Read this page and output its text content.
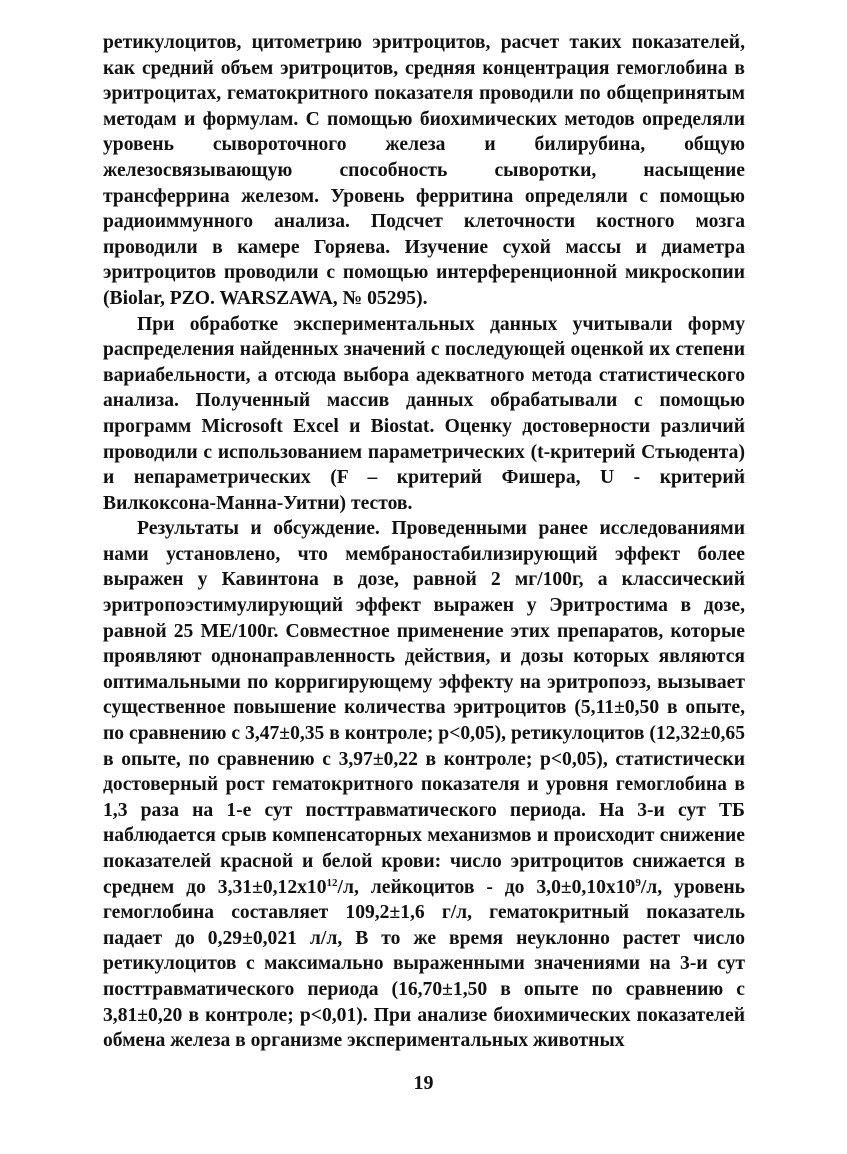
ретикулоцитов, цитометрию эритроцитов, расчет таких показателей, как средний объем эритроцитов, средняя концентрация гемоглобина в эритроцитах, гематокритного показателя проводили по общепринятым методам и формулам. С помощью биохимических методов определяли уровень сывороточного железа и билирубина, общую железосвязывающую способность сыворотки, насыщение трансферрина железом. Уровень ферритина определяли с помощью радиоиммунного анализа. Подсчет клеточности костного мозга проводили в камере Горяева. Изучение сухой массы и диаметра эритроцитов проводили с помощью интерференционной микроскопии (Biolar, PZO. WARSZAWA, № 05295).

При обработке экспериментальных данных учитывали форму распределения найденных значений с последующей оценкой их степени вариабельности, а отсюда выбора адекватного метода статистического анализа. Полученный массив данных обрабатывали с помощью программ Microsoft Excel и Biostat. Оценку достоверности различий проводили с использованием параметрических (t-критерий Стьюдента) и непараметрических (F – критерий Фишера, U - критерий Вилкоксона-Манна-Уитни) тестов.

Результаты и обсуждение. Проведенными ранее исследованиями нами установлено, что мембраностабилизирующий эффект более выражен у Кавинтона в дозе, равной 2 мг/100г, а классический эритропоэстимулирующий эффект выражен у Эритростима в дозе, равной 25 МЕ/100г. Совместное применение этих препаратов, которые проявляют однонаправленность действия, и дозы которых являются оптимальными по корригирующему эффекту на эритропоэз, вызывает существенное повышение количества эритроцитов (5,11±0,50 в опыте, по сравнению с 3,47±0,35 в контроле; p<0,05), ретикулоцитов (12,32±0,65 в опыте, по сравнению с 3,97±0,22 в контроле; p<0,05), статистически достоверный рост гематокритного показателя и уровня гемоглобина в 1,3 раза на 1-е сут посттравматического периода. На 3-и сут ТБ наблюдается срыв компенсаторных механизмов и происходит снижение показателей красной и белой крови: число эритроцитов снижается в среднем до $3,31\pm 0,12х10^{12}/л$, лейкоцитов - до $3,0\pm 0,10х10^9/л$, уровень гемоглобина составляет 109,2±1,6 г/л, гематокритный показатель падает до 0,29±0,021 л/л, В то же время неуклонно растет число ретикулоцитов с максимально выраженными значениями на 3-и сут посттравматического периода (16,70±1,50 в опыте по сравнению с 3,81±0,20 в контроле; p<0,01). При анализе биохимических показателей обмена железа в организме экспериментальных животных

19
